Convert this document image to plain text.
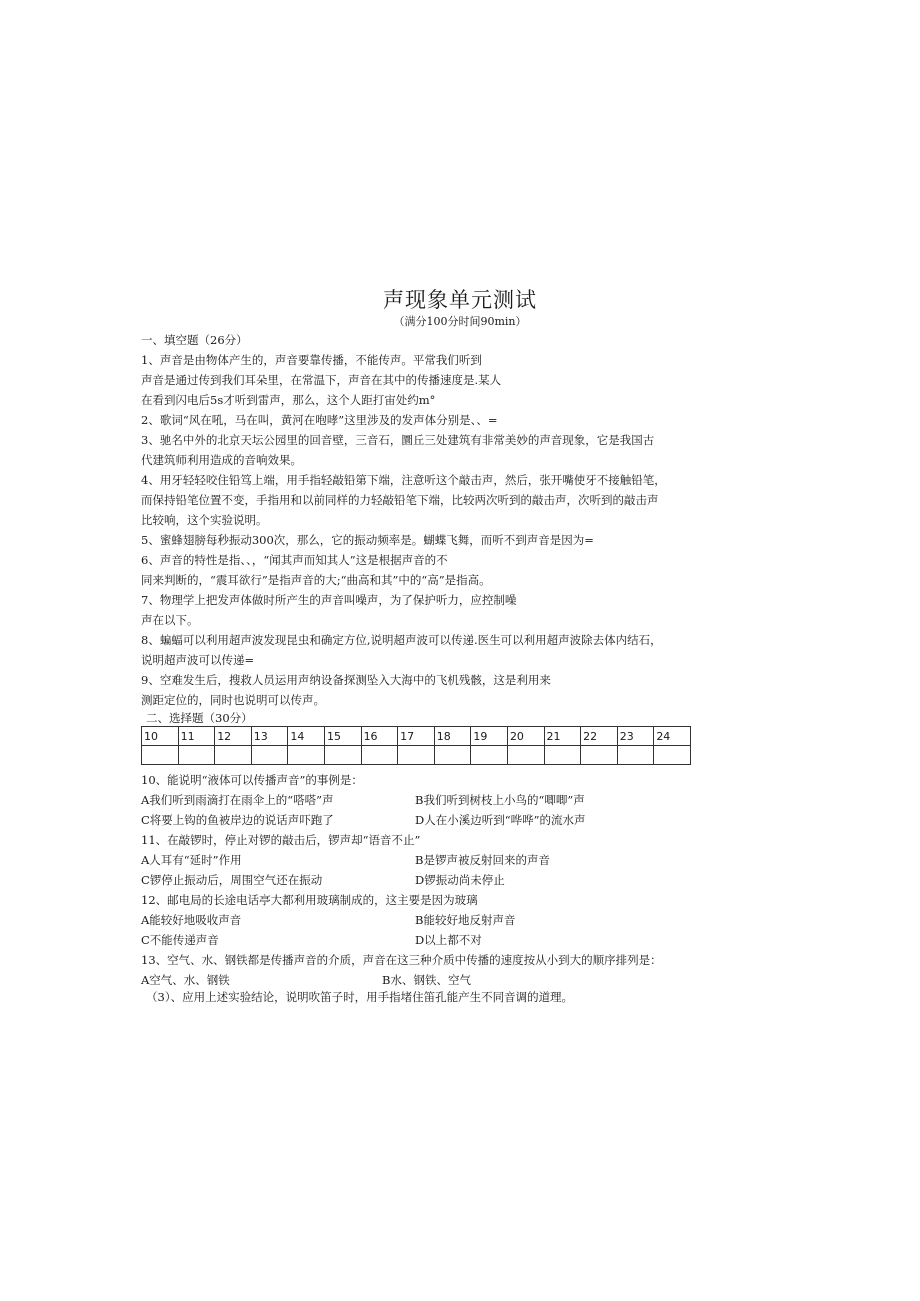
声现象单元测试
（满分100分时间90min）
一、填空题（26分）
1、声音是由物体产生的，声音要靠传播，不能传声。平常我们听到
声音是通过传到我们耳朵里，在常温下，声音在其中的传播速度是.某人
在看到闪电后5s才听到雷声，那么，这个人距打宙处约m°
2、歌词“风在吼，马在叫，黄河在咆哮”这里涉及的发声体分别是、、=
3、驰名中外的北京天坛公园里的回音壁，三音石，圜丘三处建筑有非常美妙的声音现象，它是我国古
代建筑师利用造成的音响效果。
4、用牙轻轻咬住铅笃上端，用手指轻敲铅第下端，注意听这个敲击声，然后，张开嘴使牙不接触铅笔，
而保持铅笔位置不变，手指用和以前同样的力轻敲铅笔下端，比较两次听到的敲击声，次听到的敲击声
比较响，这个实验说明。
5、蜜蜂翅膀每秒振动300次，那么，它的振动频率是。蝴蝶飞舞，而听不到声音是因为=
6、声音的特性是指、、，“闻其声而知其人”这是根据声音的不
同来判断的，“震耳欲行”是指声音的大;“曲高和其”中的“高”是指高。
7、物理学上把发声体做时所产生的声音叫噪声，为了保护听力，应控制噪
声在以下。
8、蝙蝠可以利用超声波发现昆虫和确定方位,说明超声波可以传递.医生可以利用超声波除去体内结石，
说明超声波可以传递=
9、空难发生后，搜救人员运用声纳设备探测坠入大海中的飞机残骸，这是利用来
测距定位的，同时也说明可以传声。
二、选择题（30分）
10	11	12	13	14	15	16	17	18	19	20	21	22	23	24

10、能说明“液体可以传播声音”的事例是：
A我们听到雨滴打在雨伞上的“嗒嗒”声	B我们听到树枝上小鸟的“唧唧”声
C将要上钩的鱼被岸边的说话声吓跑了	D人在小溪边听到“哗哗”的流水声
11、在敲锣时，停止对锣的敲击后，锣声却“语音不止”
A人耳有“延时”作用	B是锣声被反射回来的声音
C锣停止振动后，周围空气还在振动	D锣振动尚未停止
12、邮电局的长途电话亭大都利用玻璃制成的，这主要是因为玻璃
A能较好地吸收声音	B能较好地反射声音
C不能传递声音	D以上都不对
13、空气、水、钢铁都是传播声音的介质，声音在这三种介质中传播的速度按从小到大的顺序排列是：
A空气、水、钢铁	B水、钢铁、空气
（3）、应用上述实验结论，说明吹笛子时，用手指堵住笛孔能产生不同音调的道理。
